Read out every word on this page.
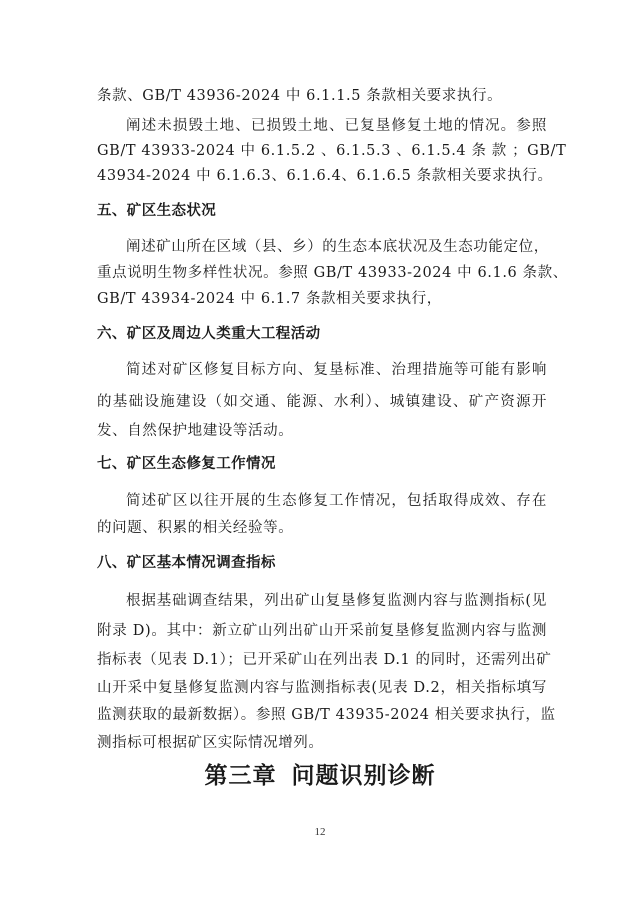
条款、GB/T 43936-2024 中 6.1.1.5 条款相关要求执行。
阐述未损毁土地、已损毁土地、已复垦修复土地的情况。参照
GB/T 43933-2024 中 6.1.5.2 、6.1.5.3 、6.1.5.4 条 款 ；GB/T
43934-2024 中 6.1.6.3、6.1.6.4、6.1.6.5 条款相关要求执行。
五、矿区生态状况
阐述矿山所在区域（县、乡）的生态本底状况及生态功能定位，
重点说明生物多样性状况。参照 GB/T 43933-2024 中 6.1.6 条款、
GB/T 43934-2024 中 6.1.7 条款相关要求执行，
六、矿区及周边人类重大工程活动
简述对矿区修复目标方向、复垦标准、治理措施等可能有影响
的基础设施建设（如交通、能源、水利）、城镇建设、矿产资源开
发、自然保护地建设等活动。
七、矿区生态修复工作情况
简述矿区以往开展的生态修复工作情况，包括取得成效、存在
的问题、积累的相关经验等。
八、矿区基本情况调查指标
根据基础调查结果，列出矿山复垦修复监测内容与监测指标(见
附录 D)。其中：新立矿山列出矿山开采前复垦修复监测内容与监测
指标表（见表 D.1）；已开采矿山在列出表 D.1 的同时，还需列出矿
山开采中复垦修复监测内容与监测指标表(见表 D.2，相关指标填写
监测获取的最新数据）。参照 GB/T 43935-2024 相关要求执行，监
测指标可根据矿区实际情况增列。
第三章 问题识别诊断
12
